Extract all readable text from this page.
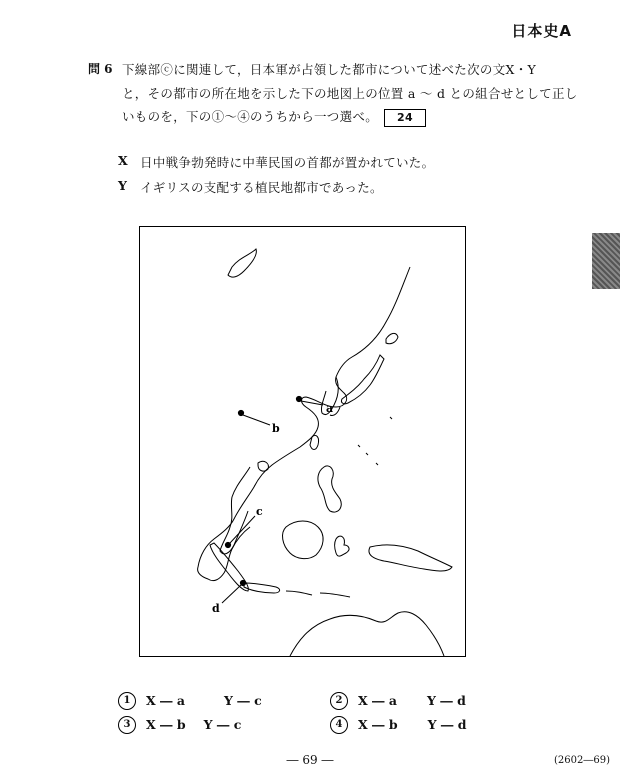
日本史A
問 6 下線部ⓒに関連して，日本軍が占領した都市について述べた次の文X・Y
と，その都市の所在地を示した下の地図上の位置 a ～ d との組合せとして正し
いものを，下の①～④のうちから一つ選べ。 24
X 日中戦争勃発時に中華民国の首都が置かれていた。
Y イギリスの支配する植民地都市であった。
a
b
c
d
1 X ― a	Y ― c	2 X ― a Y ― d
3 X ― b Y ― c	4 X ― b Y ― d
― 69 ―	(2602―69)
